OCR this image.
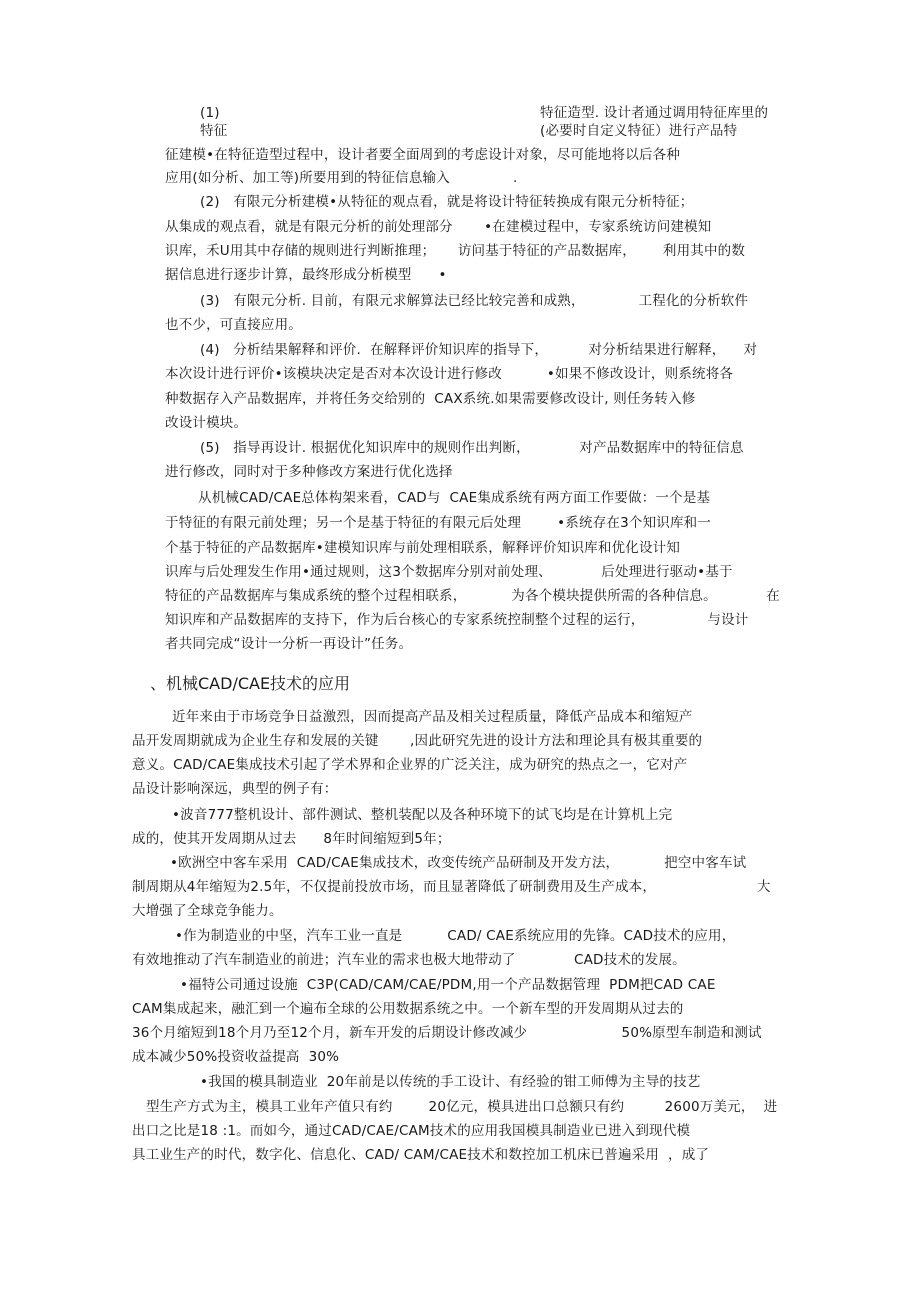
(1)	特征造型. 设计者通过调用特征库里的
特征	(必要时自定义特征）进行产品特
征建模•在特征造型过程中，设计者要全面周到的考虑设计对象，尽可能地将以后各种
应用(如分析、加工等)所要用到的特征信息输入	.
(2)   有限元分析建模•从特征的观点看，就是将设计特征转换成有限元分析特征；
从集成的观点看，就是有限元分析的前处理部分       •在建模过程中，专家系统访问建模知
识库，禾U用其中存储的规则进行判断推理；     访问基于特征的产品数据库，      利用其中的数
据信息进行逐步计算，最终形成分析模型      •
(3)   有限元分析. 目前，有限元求解算法已经比较完善和成熟，            工程化的分析软件
也不少，可直接应用。
(4)   分析结果解释和评价.  在解释评价知识库的指导下，         对分析结果进行解释，    对
本次设计进行评价•该模块决定是否对本次设计进行修改          •如果不修改设计，则系统将各
种数据存入产品数据库，并将任务交给别的  CAX系统.如果需要修改设计, 则任务转入修
改设计模块。
(5)   指导再设计. 根据优化知识库中的规则作出判断，           对产品数据库中的特征信息
进行修改，同时对于多种修改方案进行优化选择
从机械CAD/CAE总体构架来看，CAD与  CAE集成系统有两方面工作要做：一个是基
于特征的有限元前处理；另一个是基于特征的有限元后处理        •系统存在3个知识库和一
个基于特征的产品数据库•建模知识库与前处理相联系，解释评价知识库和优化设计知
识库与后处理发生作用•通过规则，这3个数据库分别对前处理、           后处理进行驱动•基于
特征的产品数据库与集成系统的整个过程相联系，          为各个模块提供所需的各种信息。           在
知识库和产品数据库的支持下，作为后台核心的专家系统控制整个过程的运行，              与设计
者共同完成“设计一分析一再设计”任务。
、机械CAD/CAE技术的应用
近年来由于市场竞争日益激烈，因而提高产品及相关过程质量，降低产品成本和缩短产
品开发周期就成为企业生存和发展的关键       ,因此研究先进的设计方法和理论具有极其重要的
意义。CAD/CAE集成技术引起了学术界和企业界的广泛关注，成为研究的热点之一，它对产
品设计影响深远，典型的例子有：
•波音777整机设计、部件测试、整机装配以及各种环境下的试飞均是在计算机上完
成的，使其开发周期从过去      8年时间缩短到5年；
•欧洲空中客车采用  CAD/CAE集成技术，改变传统产品研制及开发方法，          把空中客车试
制周期从4年缩短为2.5年，不仅提前投放市场，而且显著降低了研制费用及生产成本，	大
大增强了全球竞争能力。
•作为制造业的中坚，汽车工业一直是          CAD/ CAE系统应用的先锋。CAD技术的应用，
有效地推动了汽车制造业的前进；汽车业的需求也极大地带动了             CAD技术的发展。
•福特公司通过设施  C3P(CAD/CAM/CAE/PDM,用一个产品数据管理  PDM把CAD CAE
CAM集成起来，融汇到一个遍布全球的公用数据系统之中。一个新车型的开发周期从过去的
36个月缩短到18个月乃至12个月，新车开发的后期设计修改减少                     50%原型车制造和测试
成本减少50%投资收益提高  30%
•我国的模具制造业  20年前是以传统的手工设计、有经验的钳工师傅为主导的技艺
型生产方式为主，模具工业年产值只有约        20亿元，模具进出口总额只有约         2600万美元，  进
出口之比是18 :1。而如今，通过CAD/CAE/CAM技术的应用我国模具制造业已进入到现代模
具工业生产的时代，数字化、信息化、CAD/ CAM/CAE技术和数控加工机床已普遍采用  ，成了
